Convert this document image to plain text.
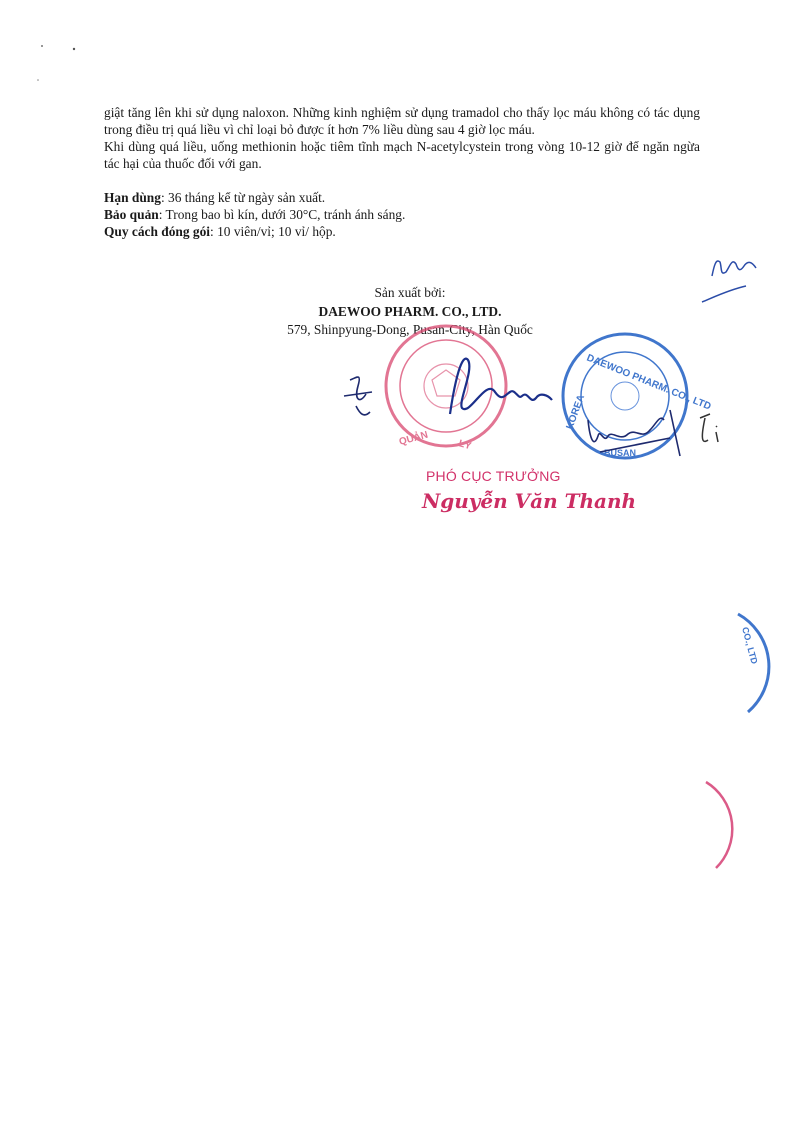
giật tăng lên khi sử dụng naloxon. Những kinh nghiệm sử dụng tramadol cho thấy lọc máu không có tác dụng trong điều trị quá liều vì chỉ loại bỏ được ít hơn 7% liều dùng sau 4 giờ lọc máu.

Khi dùng quá liều, uống methionin hoặc tiêm tĩnh mạch N-acetylcystein trong vòng 10-12 giờ để ngăn ngừa tác hại của thuốc đối với gan.

Hạn dùng: 36 tháng kể từ ngày sản xuất.

Bảo quản: Trong bao bì kín, dưới 30°C, tránh ánh sáng.

Quy cách đóng gói: 10 viên/vỉ; 10 vỉ/ hộp.

Sản xuất bởi:
DAEWOO PHARM. CO., LTD.
579, Shinpyung-Dong, Pusan-City, Hàn Quốc
QUẢN	LÝ
DAEWOO PHARM. CO., LTD
KOREA
BUSAN
CO., LTD
PHÓ CỤC TRƯỞNG
Nguyễn Văn Thanh
